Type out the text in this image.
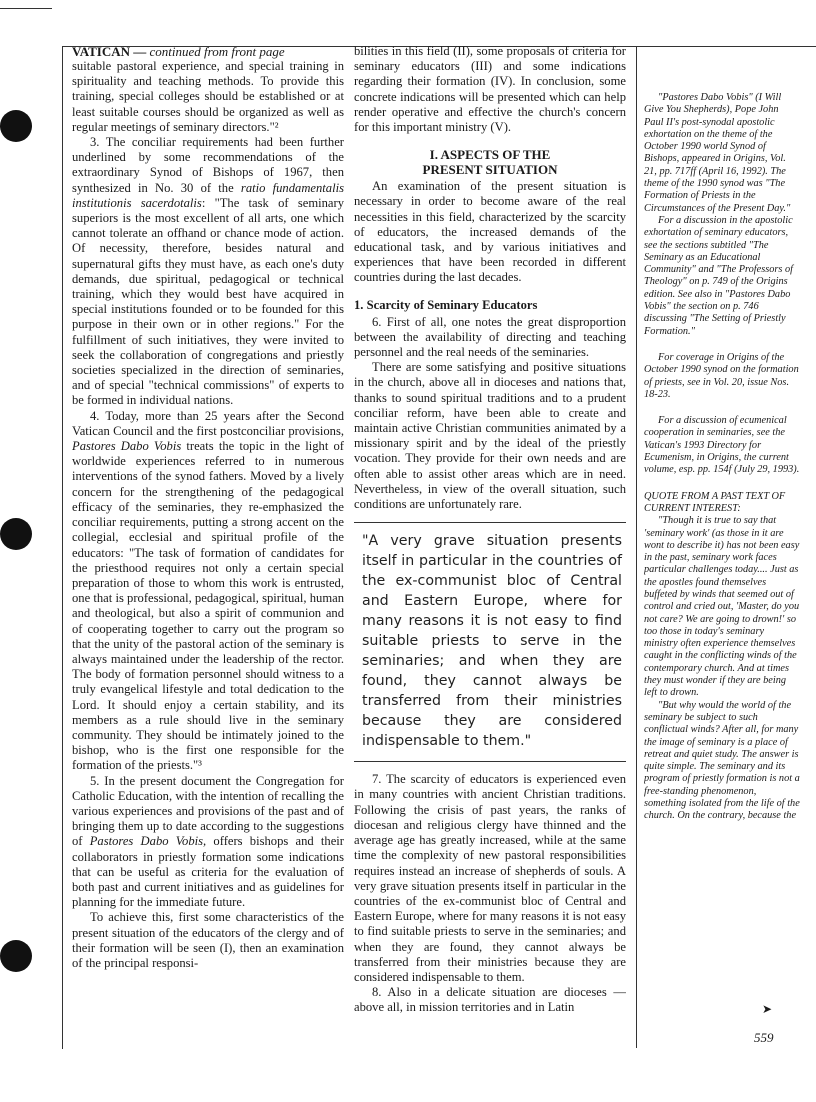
VATICAN — continued from front page

suitable pastoral experience, and special training in spirituality and teaching methods. To provide this training, special colleges should be established or at least suitable courses should be organized as well as regular meetings of seminary directors."²

3. The conciliar requirements had been further underlined by some recommendations of the extraordinary Synod of Bishops of 1967, then synthesized in No. 30 of the ratio fundamentalis institutionis sacerdotalis: "The task of seminary superiors is the most excellent of all arts, one which cannot tolerate an offhand or chance mode of action. Of necessity, therefore, besides natural and supernatural gifts they must have, as each one's duty demands, due spiritual, pedagogical or technical training, which they would best have acquired in special institutions founded or to be founded for this purpose in their own or in other regions." For the fulfillment of such initiatives, they were invited to seek the collaboration of congregations and priestly societies specialized in the direction of seminaries, and of special "technical commissions" of experts to be formed in individual nations.

4. Today, more than 25 years after the Second Vatican Council and the first postconciliar provisions, Pastores Dabo Vobis treats the topic in the light of worldwide experiences referred to in numerous interventions of the synod fathers. Moved by a lively concern for the strengthening of the pedagogical efficacy of the seminaries, they re-emphasized the conciliar requirements, putting a strong accent on the collegial, ecclesial and spiritual profile of the educators: "The task of formation of candidates for the priesthood requires not only a certain special preparation of those to whom this work is entrusted, one that is professional, pedagogical, spiritual, human and theological, but also a spirit of communion and of cooperating together to carry out the program so that the unity of the pastoral action of the seminary is always maintained under the leadership of the rector. The body of formation personnel should witness to a truly evangelical lifestyle and total dedication to the Lord. It should enjoy a certain stability, and its members as a rule should live in the seminary community. They should be intimately joined to the bishop, who is the first one responsible for the formation of the priests."³

5. In the present document the Congregation for Catholic Education, with the intention of recalling the various experiences and provisions of the past and of bringing them up to date according to the suggestions of Pastores Dabo Vobis, offers bishops and their collaborators in priestly formation some indications that can be useful as criteria for the evaluation of both past and current initiatives and as guidelines for planning for the immediate future.

To achieve this, first some characteristics of the present situation of the educators of the clergy and of their formation will be seen (I), then an examination of the principal responsi-

bilities in this field (II), some proposals of criteria for seminary educators (III) and some indications regarding their formation (IV). In conclusion, some concrete indications will be presented which can help render operative and effective the church's concern for this important ministry (V).

I. ASPECTS OF THE
PRESENT SITUATION

An examination of the present situation is necessary in order to become aware of the real necessities in this field, characterized by the scarcity of educators, the increased demands of the educational task, and by various initiatives and experiences that have been recorded in different countries during the last decades.

1. Scarcity of Seminary Educators

6. First of all, one notes the great disproportion between the availability of directing and teaching personnel and the real needs of the seminaries.

There are some satisfying and positive situations in the church, above all in dioceses and nations that, thanks to sound spiritual traditions and to a prudent conciliar reform, have been able to create and maintain active Christian communities animated by a missionary spirit and by the ideal of the priestly vocation. They provide for their own needs and are often able to assist other areas which are in need. Nevertheless, in view of the overall situation, such conditions are unfortunately rare.

"A very grave situation presents itself in particular in the countries of the ex-communist bloc of Central and Eastern Europe, where for many reasons it is not easy to find suitable priests to serve in the seminaries; and when they are found, they cannot always be transferred from their ministries because they are considered indispensable to them."

7. The scarcity of educators is experienced even in many countries with ancient Christian traditions. Following the crisis of past years, the ranks of diocesan and religious clergy have thinned and the average age has greatly increased, while at the same time the complexity of new pastoral responsibilities requires instead an increase of shepherds of souls. A very grave situation presents itself in particular in the countries of the ex-communist bloc of Central and Eastern Europe, where for many reasons it is not easy to find suitable priests to serve in the seminaries; and when they are found, they cannot always be transferred from their ministries because they are considered indispensable to them.

8. Also in a delicate situation are dioceses — above all, in mission territories and in Latin

"Pastores Dabo Vobis" (I Will Give You Shepherds), Pope John Paul II's post-synodal apostolic exhortation on the theme of the October 1990 world Synod of Bishops, appeared in Origins, Vol. 21, pp. 717ff (April 16, 1992). The theme of the 1990 synod was "The Formation of Priests in the Circumstances of the Present Day."

For a discussion in the apostolic exhortation of seminary educators, see the sections subtitled "The Seminary as an Educational Community" and "The Professors of Theology" on p. 749 of the Origins edition. See also in "Pastores Dabo Vobis" the section on p. 746 discussing "The Setting of Priestly Formation."

For coverage in Origins of the October 1990 synod on the formation of priests, see in Vol. 20, issue Nos. 18-23.

For a discussion of ecumenical cooperation in seminaries, see the Vatican's 1993 Directory for Ecumenism, in Origins, the current volume, esp. pp. 154f (July 29, 1993).

QUOTE FROM A PAST TEXT OF CURRENT INTEREST:

"Though it is true to say that 'seminary work' (as those in it are wont to describe it) has not been easy in the past, seminary work faces particular challenges today.... Just as the apostles found themselves buffeted by winds that seemed out of control and cried out, 'Master, do you not care? We are going to drown!' so too those in today's seminary ministry often experience themselves caught in the conflicting winds of the contemporary church. And at times they must wonder if they are being left to drown.

"But why would the world of the seminary be subject to such conflictual winds? After all, for many the image of seminary is a place of retreat and quiet study. The answer is quite simple. The seminary and its program of priestly formation is not a free-standing phenomenon, something isolated from the life of the church. On the contrary, because the

➤
559
